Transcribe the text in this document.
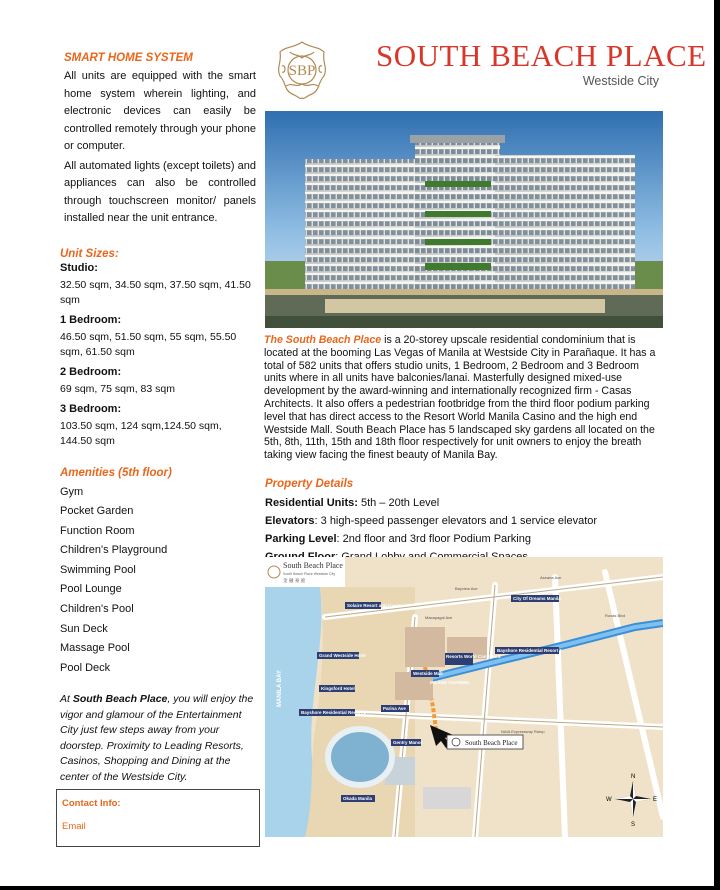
SMART HOME SYSTEM

All units are equipped with the smart home system wherein lighting, and electronic devices can easily be controlled remotely through your phone or computer.

All automated lights (except toilets) and appliances can also be controlled through touchscreen monitor/ panels installed near the unit entrance.

Unit Sizes:
Studio:
32.50 sqm, 34.50 sqm, 37.50 sqm, 41.50 sqm
1 Bedroom:
46.50 sqm, 51.50 sqm, 55 sqm, 55.50 sqm, 61.50 sqm
2 Bedroom:
69 sqm, 75 sqm, 83 sqm
3 Bedroom:
103.50 sqm, 124 sqm,124.50 sqm, 144.50 sqm
Amenities (5th floor)
Gym
Pocket Garden
Function Room
Children's Playground
Swimming Pool
Pool Lounge
Children's Pool
Sun Deck
Massage Pool
Pool Deck
At South Beach Place, you will enjoy the vigor and glamour of the Entertainment City just few steps away from your doorstep. Proximity to Leading Resorts, Casinos, Shopping and Dining at the center of the Westside City.
Contact Info:
Email
SBP SOUTH BEACH PLACE
Westside City
The South Beach Place is a 20-storey upscale residential condominium that is located at the booming Las Vegas of Manila at Westside City in Parañaque. It has a total of 582 units that offers studio units, 1 Bedroom, 2 Bedroom and 3 Bedroom units where in all units have balconies/lanai. Masterfully designed mixed-use development by the award-winning and internationally recognized firm - Casas Architects. It also offers a pedestrian footbridge from the third floor podium parking level that has direct access to the Resort World Manila Casino and the high end Westside Mall. South Beach Place has 5 landscaped sky gardens all located on the 5th, 8th, 11th, 15th and 18th floor respectively for unit owners to enjoy the breath taking view facing the finest beauty of Manila Bay.
Property Details
Residential Units: 5th – 20th Level
Elevators: 3 high-speed passenger elevators and 1 service elevator
Parking Level: 2nd floor and 3rd floor Podium Parking
Solaire Resort and Casino
Grand Westside Hotel
Westside Mall
Resorts World Complex 2
Kingsford Hotel
Bayshore Residential Resort 2
Bayshore Residential Resort 1
Parina Ave
Okada Manila
Gentry Manor
City Of Dreams Manila
INLAND CHANNEL
Bayview Ave
Aseana Ave
NAIA Expressway Ramp
Roxas Blvd
Macapagal Ave
MANILA BAY
South Beach Place
South Beach Place Westside City
金 融 豪 庭
South Beach Place
N
S
E
W
